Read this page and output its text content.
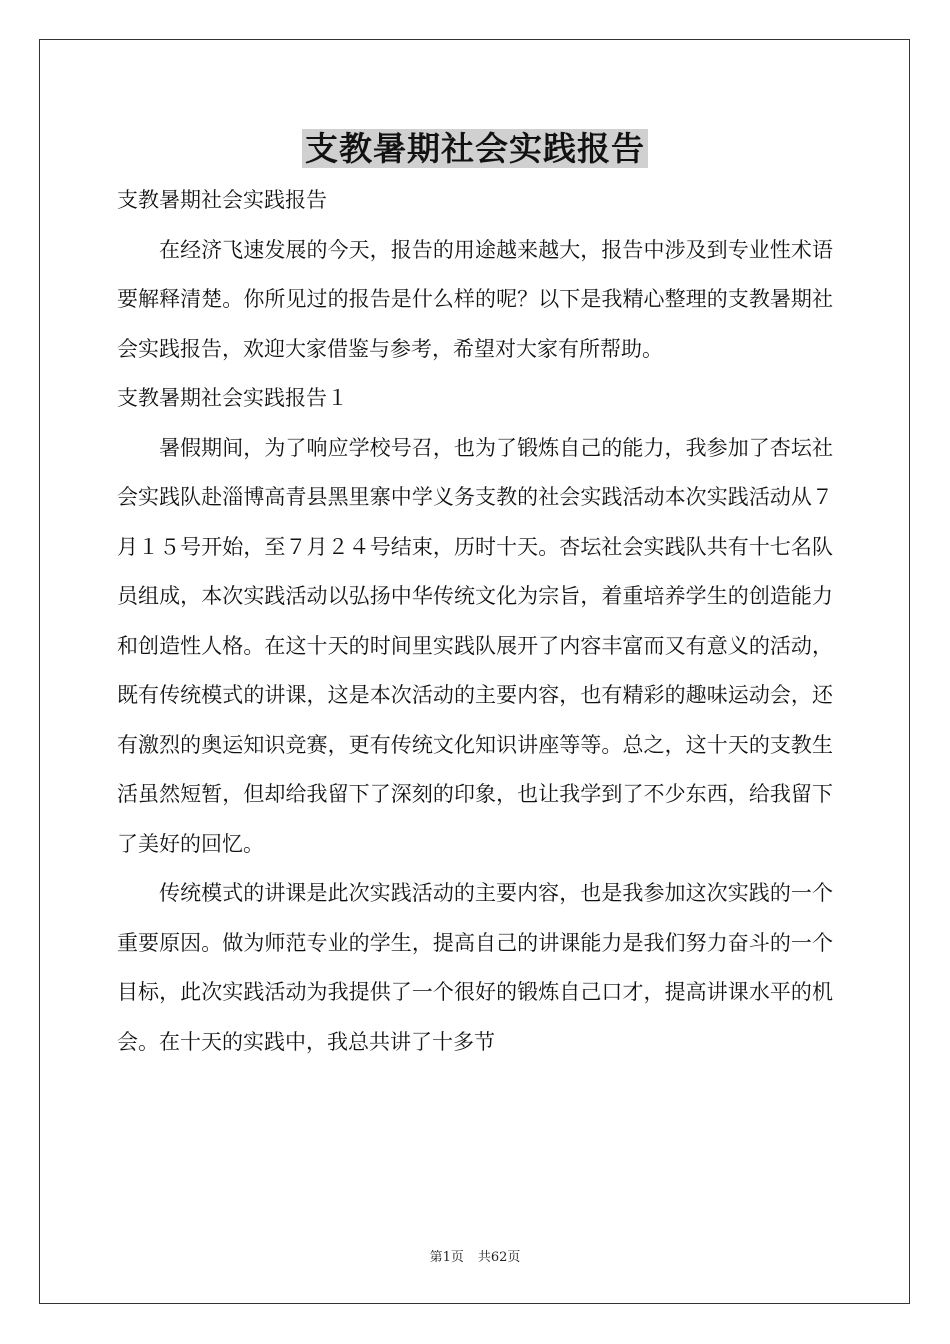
支教暑期社会实践报告

支教暑期社会实践报告

在经济飞速发展的今天，报告的用途越来越大，报告中涉及到专业性术语要解释清楚。你所见过的报告是什么样的呢？以下是我精心整理的支教暑期社会实践报告，欢迎大家借鉴与参考，希望对大家有所帮助。

支教暑期社会实践报告１

暑假期间，为了响应学校号召，也为了锻炼自己的能力，我参加了杏坛社会实践队赴淄博高青县黑里寨中学义务支教的社会实践活动本次实践活动从７月１５号开始，至７月２４号结束，历时十天。杏坛社会实践队共有十七名队员组成，本次实践活动以弘扬中华传统文化为宗旨，着重培养学生的创造能力和创造性人格。在这十天的时间里实践队展开了内容丰富而又有意义的活动，既有传统模式的讲课，这是本次活动的主要内容，也有精彩的趣味运动会，还有激烈的奥运知识竞赛，更有传统文化知识讲座等等。总之，这十天的支教生活虽然短暂，但却给我留下了深刻的印象，也让我学到了不少东西，给我留下了美好的回忆。

传统模式的讲课是此次实践活动的主要内容，也是我参加这次实践的一个重要原因。做为师范专业的学生，提高自己的讲课能力是我们努力奋斗的一个目标，此次实践活动为我提供了一个很好的锻炼自己口才，提高讲课水平的机会。在十天的实践中，我总共讲了十多节

第1页 共62页
